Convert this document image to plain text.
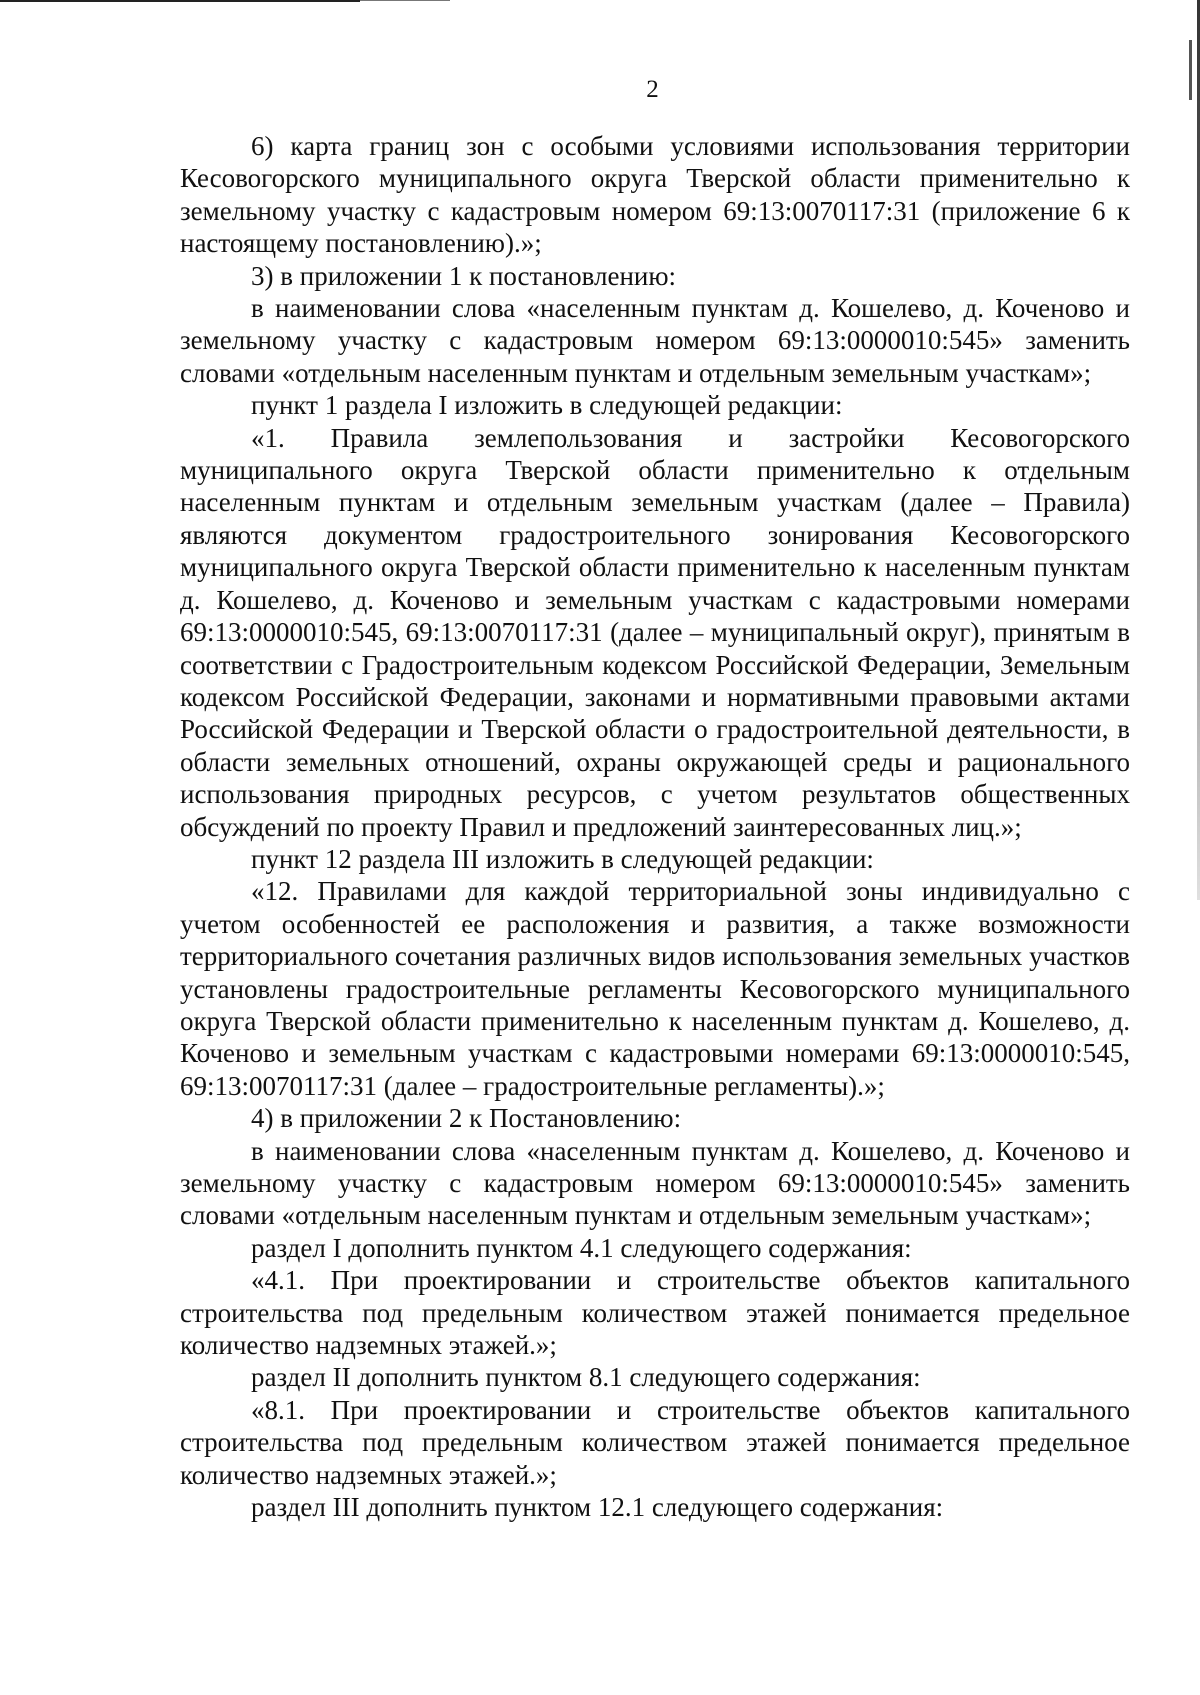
2

6) карта границ зон с особыми условиями использования территории Кесовогорского муниципального округа Тверской области применительно к земельному участку с кадастровым номером 69:13:0070117:31 (приложение 6 к настоящему постановлению).»;

3) в приложении 1 к постановлению:

в наименовании слова «населенным пунктам д. Кошелево, д. Коченово и земельному участку с кадастровым номером 69:13:0000010:545» заменить словами «отдельным населенным пунктам и отдельным земельным участкам»;

пункт 1 раздела I изложить в следующей редакции:

«1. Правила землепользования и застройки Кесовогорского муниципального округа Тверской области применительно к отдельным населенным пунктам и отдельным земельным участкам (далее – Правила) являются документом градостроительного зонирования Кесовогорского муниципального округа Тверской области применительно к населенным пунктам д. Кошелево, д. Коченово и земельным участкам с кадастровыми номерами 69:13:0000010:545, 69:13:0070117:31 (далее – муниципальный округ), принятым в соответствии с Градостроительным кодексом Российской Федерации, Земельным кодексом Российской Федерации, законами и нормативными правовыми актами Российской Федерации и Тверской области о градостроительной деятельности, в области земельных отношений, охраны окружающей среды и рационального использования природных ресурсов, с учетом результатов общественных обсуждений по проекту Правил и предложений заинтересованных лиц.»;

пункт 12 раздела III изложить в следующей редакции:

«12. Правилами для каждой территориальной зоны индивидуально с учетом особенностей ее расположения и развития, а также возможности территориального сочетания различных видов использования земельных участков установлены градостроительные регламенты Кесовогорского муниципального округа Тверской области применительно к населенным пунктам д. Кошелево, д. Коченово и земельным участкам с кадастровыми номерами 69:13:0000010:545, 69:13:0070117:31 (далее – градостроительные регламенты).»;

4) в приложении 2 к Постановлению:

в наименовании слова «населенным пунктам д. Кошелево, д. Коченово и земельному участку с кадастровым номером 69:13:0000010:545» заменить словами «отдельным населенным пунктам и отдельным земельным участкам»;

раздел I дополнить пунктом 4.1 следующего содержания:

«4.1. При проектировании и строительстве объектов капитального строительства под предельным количеством этажей понимается предельное количество надземных этажей.»;

раздел II дополнить пунктом 8.1 следующего содержания:

«8.1. При проектировании и строительстве объектов капитального строительства под предельным количеством этажей понимается предельное количество надземных этажей.»;

раздел III дополнить пунктом 12.1 следующего содержания:
